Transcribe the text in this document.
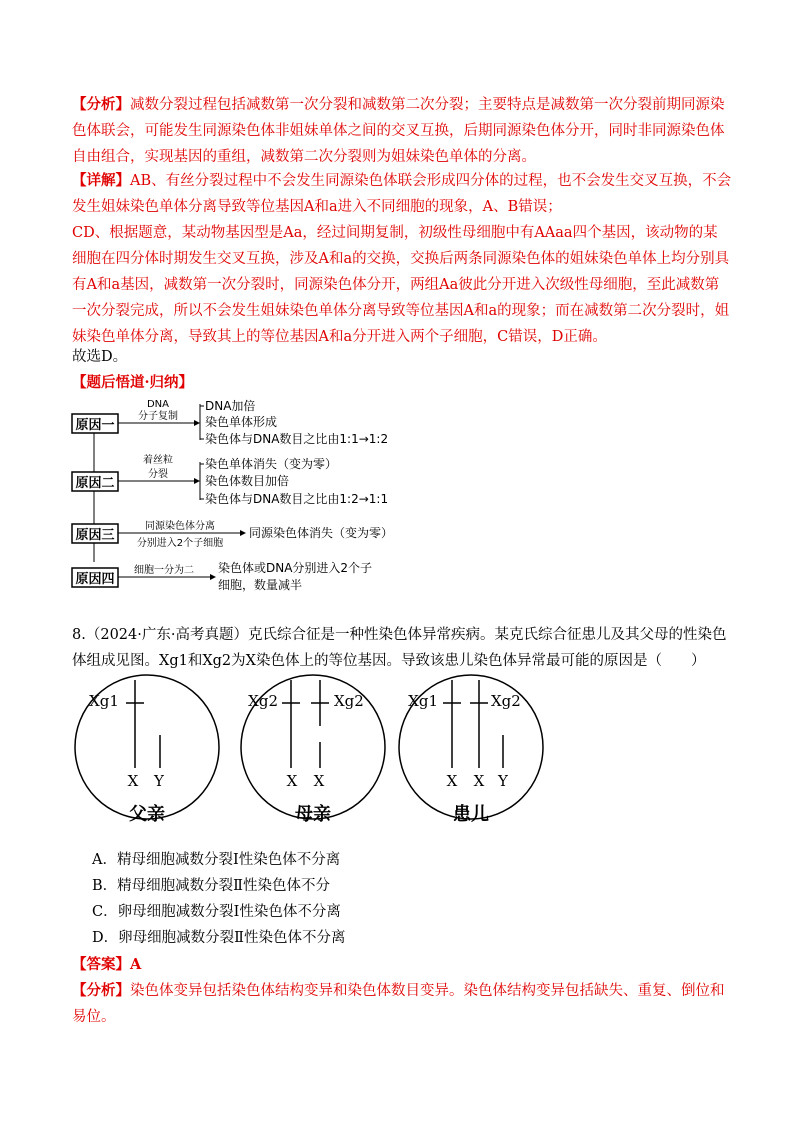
【分析】减数分裂过程包括减数第一次分裂和减数第二次分裂；主要特点是减数第一次分裂前期同源染色体联会，可能发生同源染色体非姐妹单体之间的交叉互换，后期同源染色体分开，同时非同源染色体自由组合，实现基因的重组，减数第二次分裂则为姐妹染色单体的分离。

【详解】AB、有丝分裂过程中不会发生同源染色体联会形成四分体的过程，也不会发生交叉互换，不会发生姐妹染色单体分离导致等位基因A和a进入不同细胞的现象，A、B错误；

CD、根据题意，某动物基因型是Aa，经过间期复制，初级性母细胞中有AAaa四个基因，该动物的某细胞在四分体时期发生交叉互换，涉及A和a的交换，交换后两条同源染色体的姐妹染色单体上均分别具有A和a基因，减数第一次分裂时，同源染色体分开，两组Aa彼此分开进入次级性母细胞，至此减数第一次分裂完成，所以不会发生姐妹染色单体分离导致等位基因A和a的现象；而在减数第二次分裂时，姐妹染色单体分离，导致其上的等位基因A和a分开进入两个子细胞，C错误，D正确。

故选D。

【题后悟道·归纳】

原因一
原因二
原因三
原因四
DNA
分子复制
DNA加倍
染色单体形成
染色体与DNA数目之比由1:1→1:2
着丝粒
分裂
染色单体消失（变为零）
染色体数目加倍
染色体与DNA数目之比由1:2→1:1
同源染色体分离
分别进入2个子细胞
同源染色体消失（变为零）
细胞一分为二 染色体或DNA分别进入2个子
细胞，数量减半

8.（2024·广东·高考真题）克氏综合征是一种性染色体异常疾病。某克氏综合征患儿及其父母的性染色体组成见图。Xg1和Xg2为X染色体上的等位基因。导致该患儿染色体异常最可能的原因是（　　）

Xg1
X Y
Xg2	Xg2
X X
Xg1	Xg2
X X Y
父亲	母亲	患儿
A．精母细胞减数分裂Ⅰ性染色体不分离
B．精母细胞减数分裂Ⅱ性染色体不分
C．卵母细胞减数分裂Ⅰ性染色体不分离
D．卵母细胞减数分裂Ⅱ性染色体不分离

【答案】A

【分析】染色体变异包括染色体结构变异和染色体数目变异。染色体结构变异包括缺失、重复、倒位和易位。
